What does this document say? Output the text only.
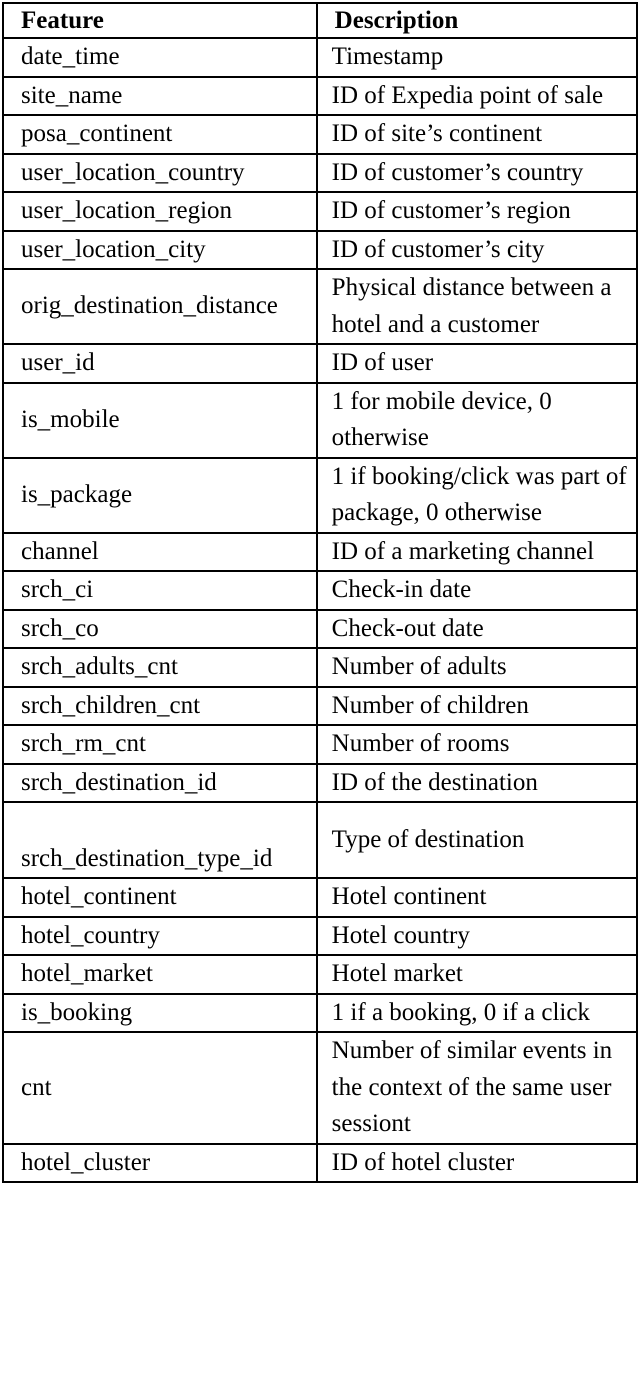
Feature	Description
date_time	Timestamp
site_name	ID of Expedia point of sale
posa_continent	ID of site’s continent
user_location_country	ID of customer’s country
user_location_region	ID of customer’s region
user_location_city	ID of customer’s city
orig_destination_distance	Physical distance between a hotel and a customer
user_id	ID of user
is_mobile	1 for mobile device, 0 otherwise
is_package	1 if booking/click was part of package, 0 otherwise
channel	ID of a marketing channel
srch_ci	Check-in date
srch_co	Check-out date
srch_adults_cnt	Number of adults
srch_children_cnt	Number of children
srch_rm_cnt	Number of rooms
srch_destination_id	ID of the destination
srch_destination_type_id	Type of destination
hotel_continent	Hotel continent
hotel_country	Hotel country
hotel_market	Hotel market
is_booking	1 if a booking, 0 if a click
cnt	Number of similar events in the context of the same user sessiont
hotel_cluster	ID of hotel cluster
